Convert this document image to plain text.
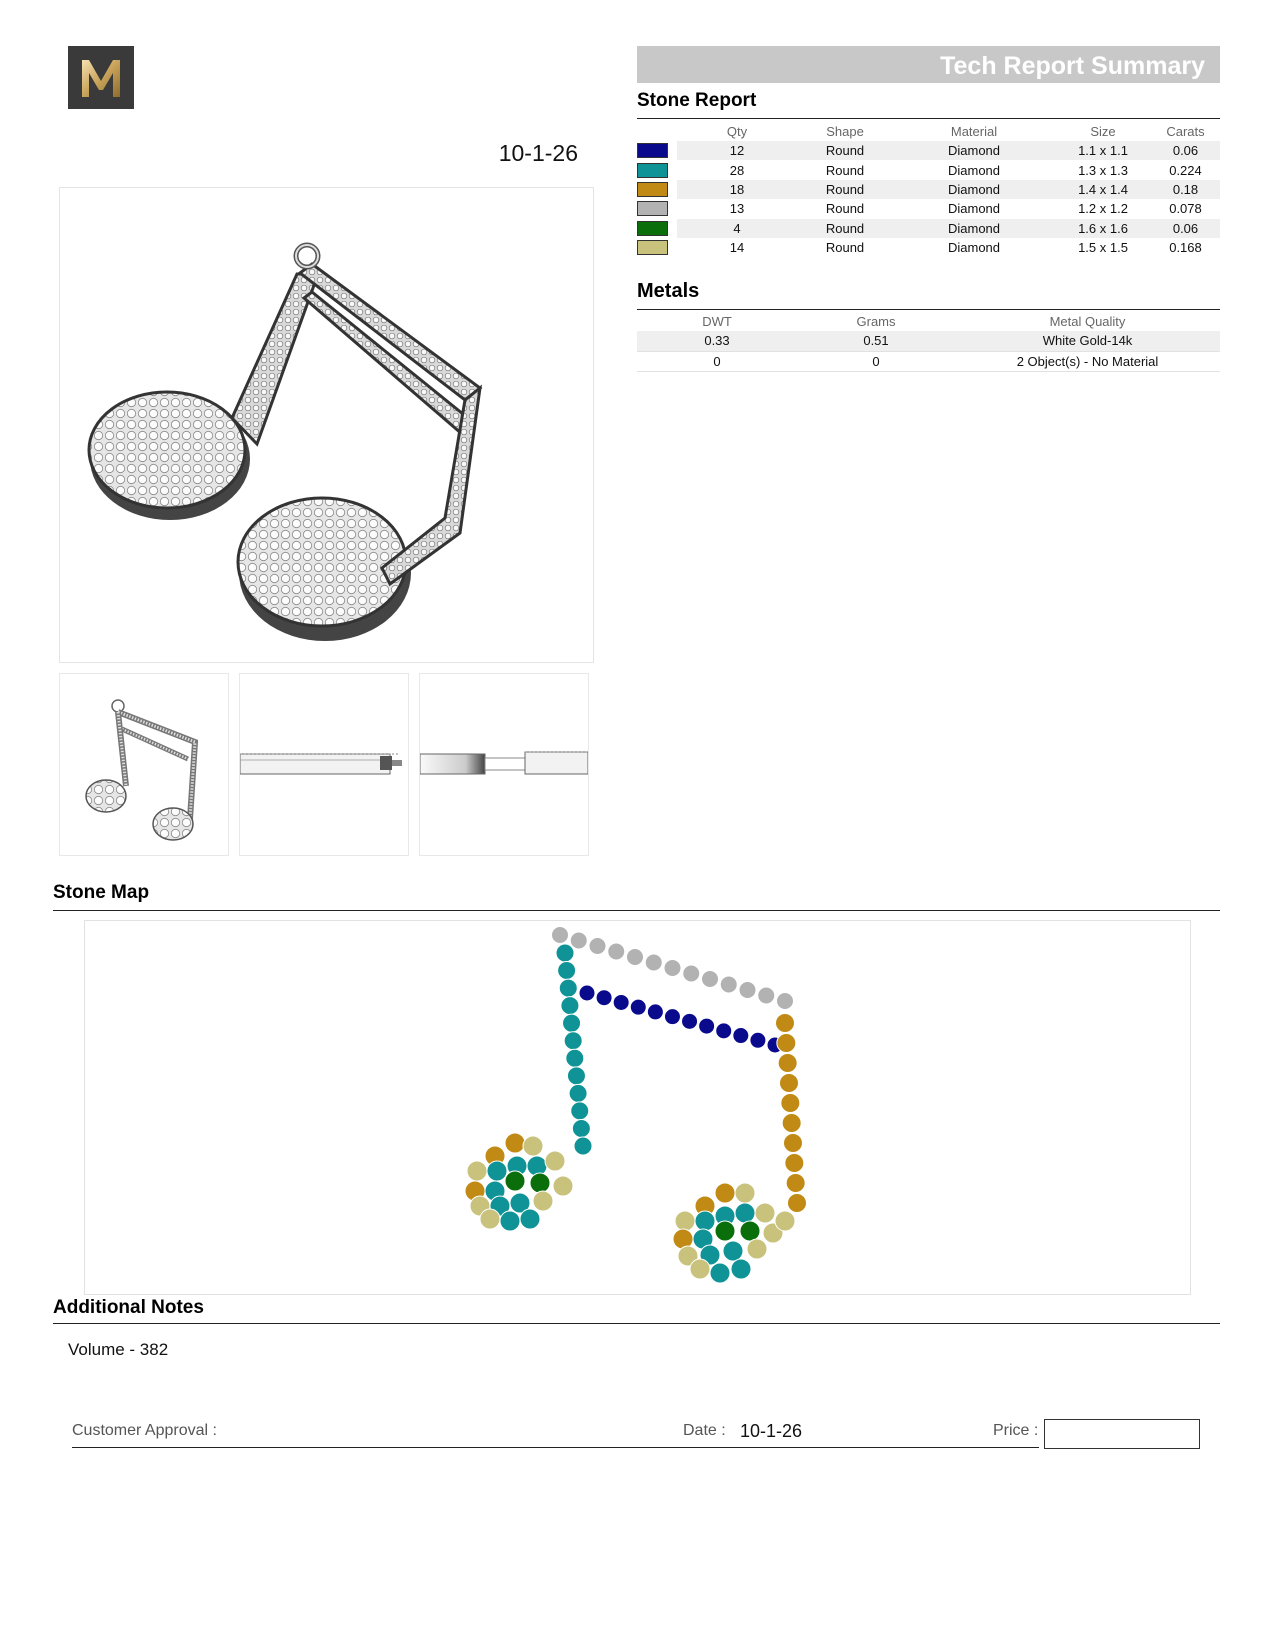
10-1-26
Tech Report Summary
Stone Report
	Qty	Shape	Material	Size	Carats

	12	Round	Diamond	1.1 x 1.1	0.06

	28	Round	Diamond	1.3 x 1.3	0.224

	18	Round	Diamond	1.4 x 1.4	0.18

	13	Round	Diamond	1.2 x 1.2	0.078

	4	Round	Diamond	1.6 x 1.6	0.06

	14	Round	Diamond	1.5 x 1.5	0.168
Metals
DWT	Grams	Metal Quality
0.33	0.51	White Gold-14k
0	0	2 Object(s) - No Material
Stone Map
Additional Notes
Volume - 382
Customer Approval :	Date : 10-1-26	Price :
